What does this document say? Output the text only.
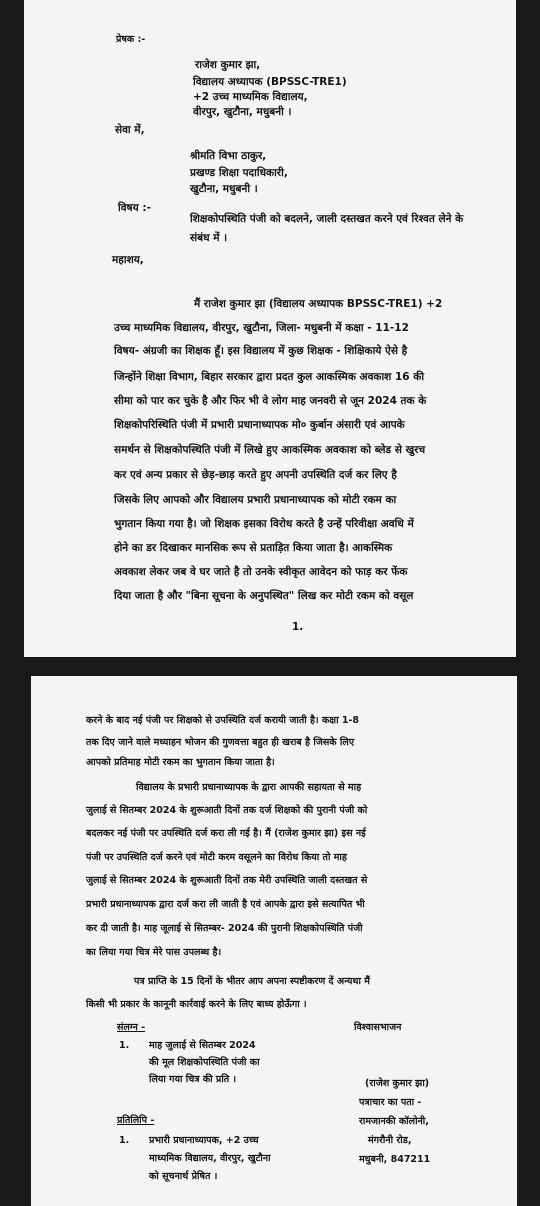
प्रेषक :-
राजेश कुमार झा,
विद्यालय अध्यापक (BPSSC-TRE1)
+2 उच्च माध्यमिक विद्यालय,
वीरपुर, खुटौना, मधुबनी ।
सेवा में,
श्रीमति विभा ठाकुर,
प्रखण्ड शिक्षा पदाधिकारी,
खुटौना, मधुबनी ।
विषय :-
शिक्षकोपस्थिति पंजी को बदलने, जाली दस्तखत करने एवं रिश्वत लेने के
संबंध में ।
महाशय,

मैं राजेश कुमार झा (विद्यालय अध्यापक BPSSC-TRE1) +2

उच्च माध्यमिक विद्यालय, वीरपुर, खुटौना, जिला- मधुबनी में कक्षा - 11-12

विषय- अंग्रजी का शिक्षक हूँ। इस विद्यालय में कुछ शिक्षक - शिक्षिकाये ऐसे है

जिन्होंने शिक्षा विभाग, बिहार सरकार द्वारा प्रदत कुल आकस्मिक अवकाश 16 की

सीमा को पार कर चुके है और फिर भी वे लोग माह जनवरी से जून 2024 तक के

शिक्षकोपरिस्थिति पंजी में प्रभारी प्रधानाध्यापक मो० कुर्बान अंसारी एवं आपके

समर्थन से शिक्षकोपस्थिति पंजी में लिखे हुए आकस्मिक अवकाश को ब्लेड से खुरच

कर एवं अन्य प्रकार से छेड़-छाड़ करते हुए अपनी उपस्थिति दर्ज कर लिए है

जिसके लिए आपको और विद्यालय प्रभारी प्रधानाध्यापक को मोटी रकम का

भुगतान किया गया है। जो शिक्षक इसका विरोध करते है उन्हें परिवीक्षा अवधि में

होने का डर दिखाकर मानसिक रूप से प्रताड़ित किया जाता है। आकस्मिक

अवकाश लेकर जब वे घर जाते है तो उनके स्वीकृत आवेदन को फाड़ कर फेंक

दिया जाता है और "बिना सूचना के अनुपस्थित" लिख कर मोटी रकम को वसूल

1.

करने के बाद नई पंजी पर शिक्षको से उपस्थिति दर्ज करायी जाती है। कक्षा 1-8

तक दिए जाने वाले मध्याहन भोजन की गुणवत्ता बहुत ही खराब है जिसके लिए

आपको प्रतिमाह मोटी रकम का भुगतान किया जाता है।

विद्यालय के प्रभारी प्रधानाध्यापक के द्वारा आपकी सहायता से माह

जुलाई से सितम्बर 2024 के शुरूआती दिनों तक दर्ज शिक्षको की पुरानी पंजी को

बदलकर नई पंजी पर उपस्थिति दर्ज करा ली गई है। मैं (राजेश कुमार झा) इस नई

पंजी पर उपस्थिति दर्ज करने एवं मोटी करम वसूलने का विरोध किया तो माह

जुलाई से सितम्बर 2024 के शुरूआती दिनों तक मेरी उपस्थिति जाली दस्तखत से

प्रभारी प्रधानाध्यापक द्वारा दर्ज करा ली जाती है एवं आपके द्वारा इसे सत्यापित भी

कर दी जाती है। माह जूलाई से सितम्बर- 2024 की पुरानी शिक्षकोपस्थिति पंजी

का लिया गया चित्र मेरे पास उपलब्ध है।

पत्र प्राप्ति के 15 दिनों के भीतर आप अपना स्पष्टीकरण दें अन्यथा मैं

किसी भी प्रकार के कानूनी कार्रवाई करने के लिए बाध्य होऊँगा ।

संलग्न -	विश्वासभाजन
1. माह जुलाई से सितम्बर 2024
की मूल शिक्षकोपस्थिति पंजी का
लिया गया चित्र की प्रति ।	(राजेश कुमार झा)
पत्राचार का पता -
रामजानकी कॉलोनी,
मंगरौनी रोड,
मधुबनी, 847211
प्रतिलिपि -
1. प्रभारी प्रधानाध्यापक, +2 उच्च
माध्यमिक विद्यालय, वीरपुर, खुटौना
को सूचनार्थ प्रेषित ।
